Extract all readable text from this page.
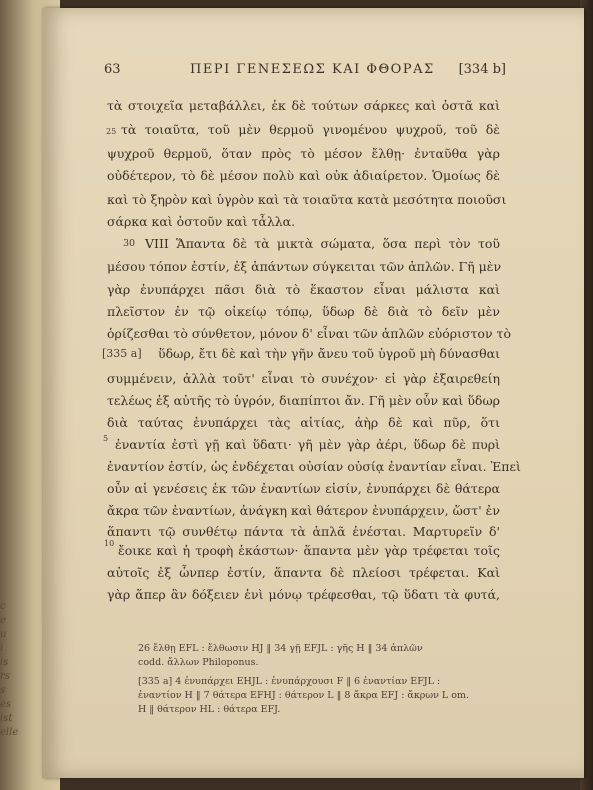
c
e
u
i
is
rs
s
es
ist
elle
63	ΠΕΡΙ ΓΕΝΕΣΕΩΣ ΚΑΙ ΦΘΟΡΑΣ [334 b]
25
30
[335 a]
5
10
τὰ στοιχεῖα μεταβάλλει, ἐκ δὲ τούτων σάρκες καὶ ὀστᾶ καὶ
τὰ τοιαῦτα, τοῦ μὲν θερμοῦ γινομένου ψυχροῦ, τοῦ δὲ
ψυχροῦ θερμοῦ, ὅταν πρὸς τὸ μέσον ἔλθῃ· ἐνταῦθα γὰρ
οὐδέτερον, τὸ δὲ μέσον πολὺ καὶ οὐκ ἀδιαίρετον. Ὁμοίως δὲ
καὶ τὸ ξηρὸν καὶ ὑγρὸν καὶ τὰ τοιαῦτα κατὰ μεσότητα ποιοῦσι
σάρκα καὶ ὀστοῦν καὶ τἆλλα.
VIII Ἅπαντα δὲ τὰ μικτὰ σώματα, ὅσα περὶ τὸν τοῦ
μέσου τόπον ἐστίν, ἐξ ἁπάντων σύγκειται τῶν ἁπλῶν. Γῆ μὲν
γὰρ ἐνυπάρχει πᾶσι διὰ τὸ ἕκαστον εἶναι μάλιστα καὶ
πλεῖστον ἐν τῷ οἰκείῳ τόπῳ, ὕδωρ δὲ διὰ τὸ δεῖν μὲν
ὁρίζεσθαι τὸ σύνθετον, μόνον δ' εἶναι τῶν ἁπλῶν εὐόριστον τὸ
ὕδωρ, ἔτι δὲ καὶ τὴν γῆν ἄνευ τοῦ ὑγροῦ μὴ δύνασθαι
συμμένειν, ἀλλὰ τοῦτ' εἶναι τὸ συνέχον· εἰ γὰρ ἐξαιρεθείη
τελέως ἐξ αὐτῆς τὸ ὑγρόν, διαπίπτοι ἄν. Γῆ μὲν οὖν καὶ ὕδωρ
διὰ ταύτας ἐνυπάρχει τὰς αἰτίας, ἀὴρ δὲ καὶ πῦρ, ὅτι
ἐναντία ἐστὶ γῇ καὶ ὕδατι· γῆ μὲν γὰρ ἀέρι, ὕδωρ δὲ πυρὶ
ἐναντίον ἐστίν, ὡς ἐνδέχεται οὐσίαν οὐσίᾳ ἐναντίαν εἶναι. Ἐπεὶ
οὖν αἱ γενέσεις ἐκ τῶν ἐναντίων εἰσίν, ἐνυπάρχει δὲ θάτερα
ἄκρα τῶν ἐναντίων, ἀνάγκη καὶ θάτερον ἐνυπάρχειν, ὥστ' ἐν
ἅπαντι τῷ συνθέτῳ πάντα τὰ ἁπλᾶ ἐνέσται. Μαρτυρεῖν δ'
ἔοικε καὶ ἡ τροφὴ ἑκάστων· ἅπαντα μὲν γὰρ τρέφεται τοῖς
αὐτοῖς ἐξ ὧνπερ ἐστίν, ἅπαντα δὲ πλείοσι τρέφεται. Καὶ
γὰρ ἅπερ ἂν δόξειεν ἑνὶ μόνῳ τρέφεσθαι, τῷ ὕδατι τὰ φυτά,
26 ἔλθῃ EFL : ἔλθωσιν HJ ‖ 34 γῇ EFJL : γῆς H ‖ 34 ἁπλῶν
codd. ἄλλων Philoponus.
[335 a] 4 ἐνυπάρχει EHJL : ἐνυπάρχουσι F ‖ 6 ἐναντίαν EFJL :
ἐναντίον H ‖ 7 θάτερα EFHJ : θάτερον L ‖ 8 ἄκρα EFJ : ἄκρων L om.
H ‖ θάτερον HL : θάτερα EFJ.
